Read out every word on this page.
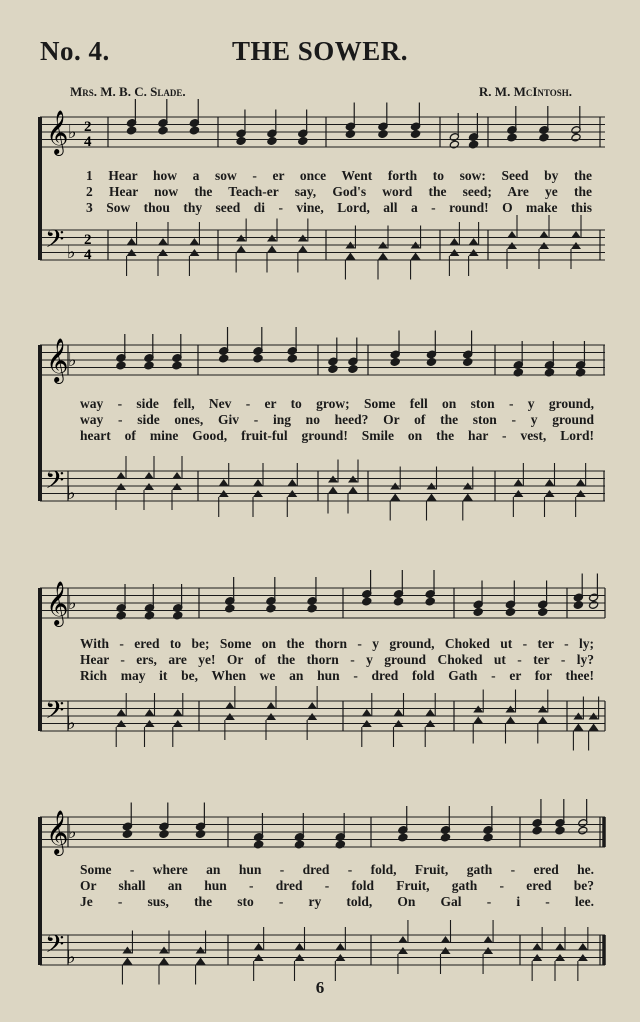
No. 4.	THE SOWER.
Mrs. M. B. C. Slade.	R. M. McIntosh.
𝄞
𝄢
♭
♭
2
4
2
4
𝄞
𝄢
♭
♭
𝄞
𝄢
♭
♭
𝄞
𝄢
♭
♭
1 Hear how a sow - er once Went forth to sow: Seed by the
2 Hear now the Teach-er say, God's word the seed; Are ye the
3 Sow thou thy seed di - vine, Lord, all a - round! O make this
way - side fell, Nev - er to grow; Some fell on ston - y ground,
way - side ones, Giv - ing no heed? Or of the ston - y ground
heart of mine Good, fruit-ful ground! Smile on the har - vest, Lord!
With - ered to be; Some on the thorn - y ground, Choked ut - ter - ly;
Hear - ers, are ye! Or of the thorn - y ground Choked ut - ter - ly?
Rich may it be, When we an hun - dred fold Gath - er for thee!
Some - where an hun - dred - fold, Fruit, gath - ered he.
Or shall an hun - dred - fold Fruit, gath - ered be?
Je - sus, the sto - ry told, On Gal - i - lee.
6
